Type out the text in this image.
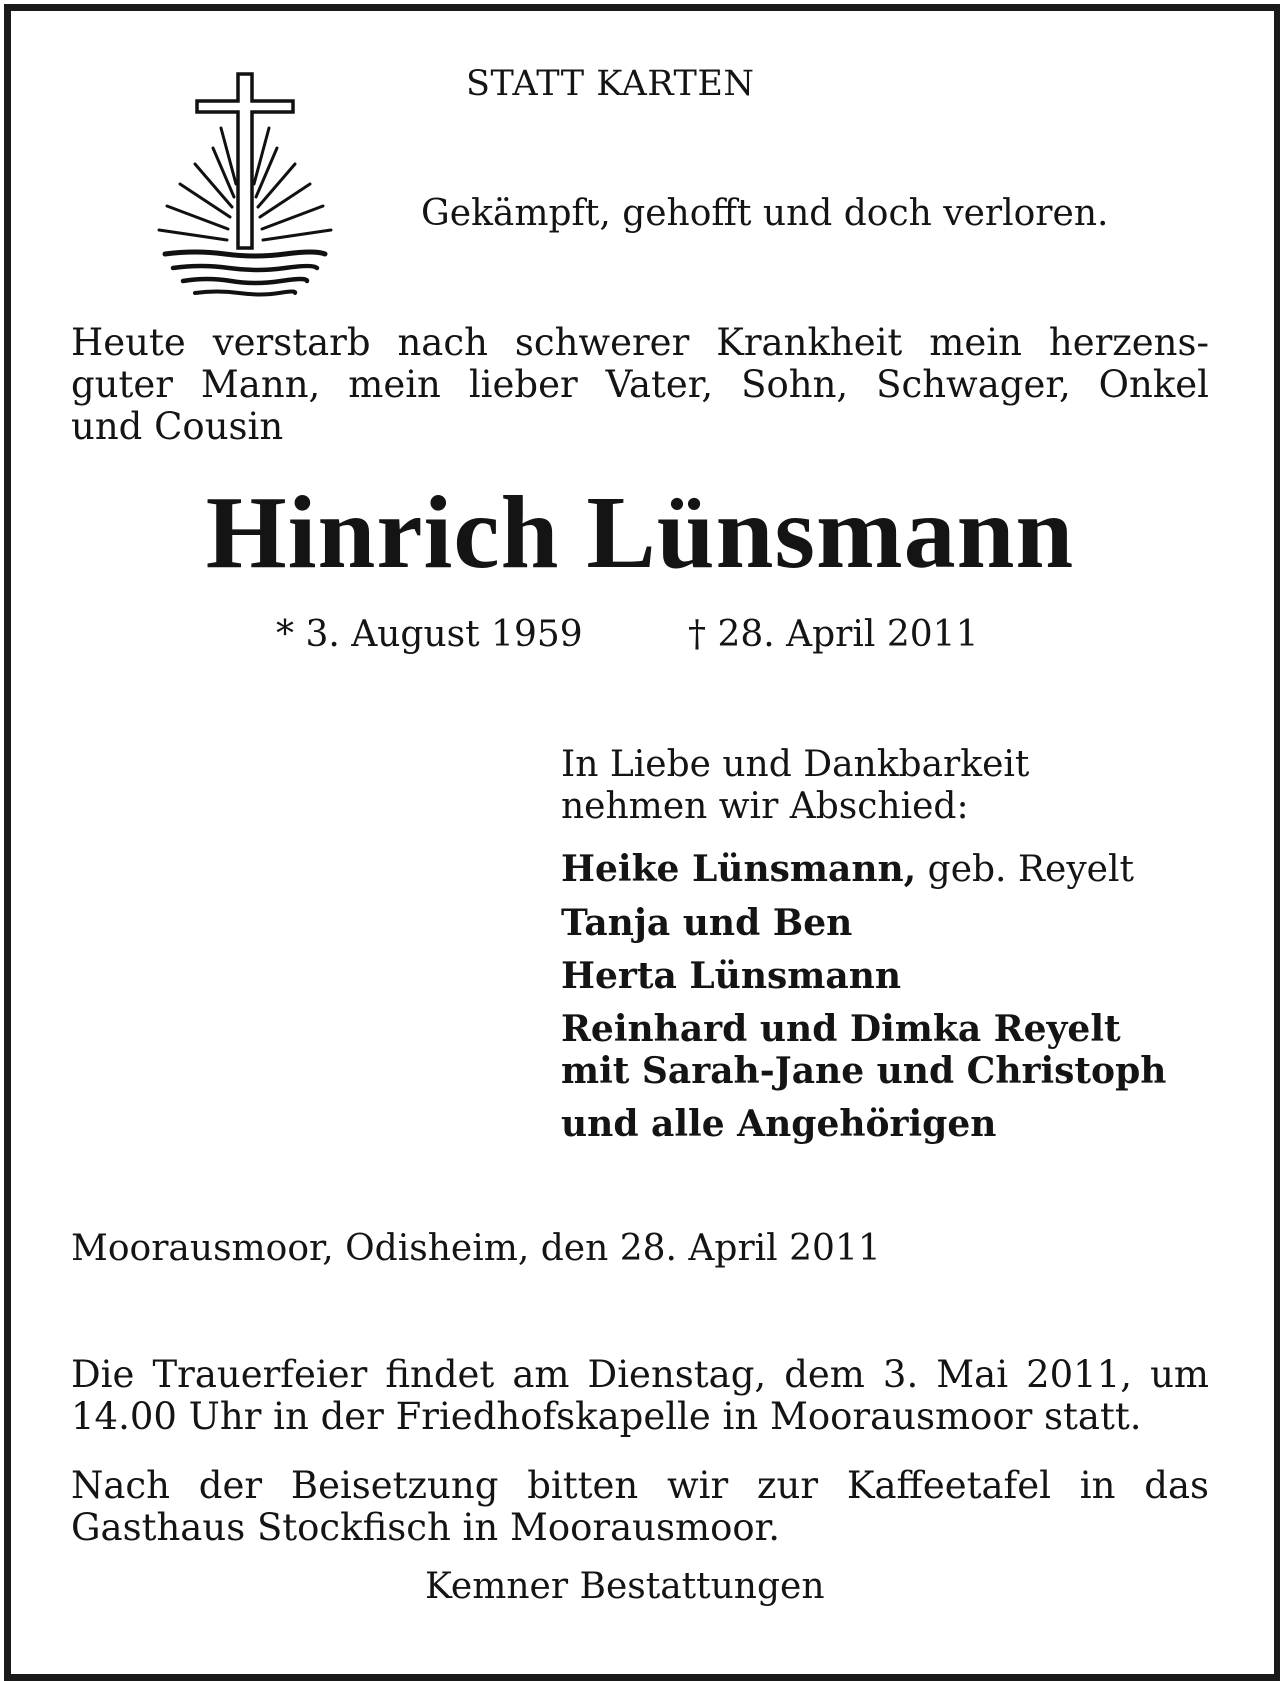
STATT KARTEN
Gekämpft, gehofft und doch verloren.
Heute verstarb nach schwerer Krankheit mein herzens-
guter Mann, mein lieber Vater, Sohn, Schwager, Onkel
und Cousin
Hinrich Lünsmann
* 3. August 1959	† 28. April 2011
In Liebe und Dankbarkeit
nehmen wir Abschied:
Heike Lünsmann, geb. Reyelt
Tanja und Ben
Herta Lünsmann
Reinhard und Dimka Reyelt
mit Sarah-Jane und Christoph
und alle Angehörigen
Moorausmoor, Odisheim, den 28. April 2011
Die Trauerfeier findet am Dienstag, dem 3. Mai 2011, um
14.00 Uhr in der Friedhofskapelle in Moorausmoor statt.
Nach der Beisetzung bitten wir zur Kaffeetafel in das
Gasthaus Stockfisch in Moorausmoor.
Kemner Bestattungen
